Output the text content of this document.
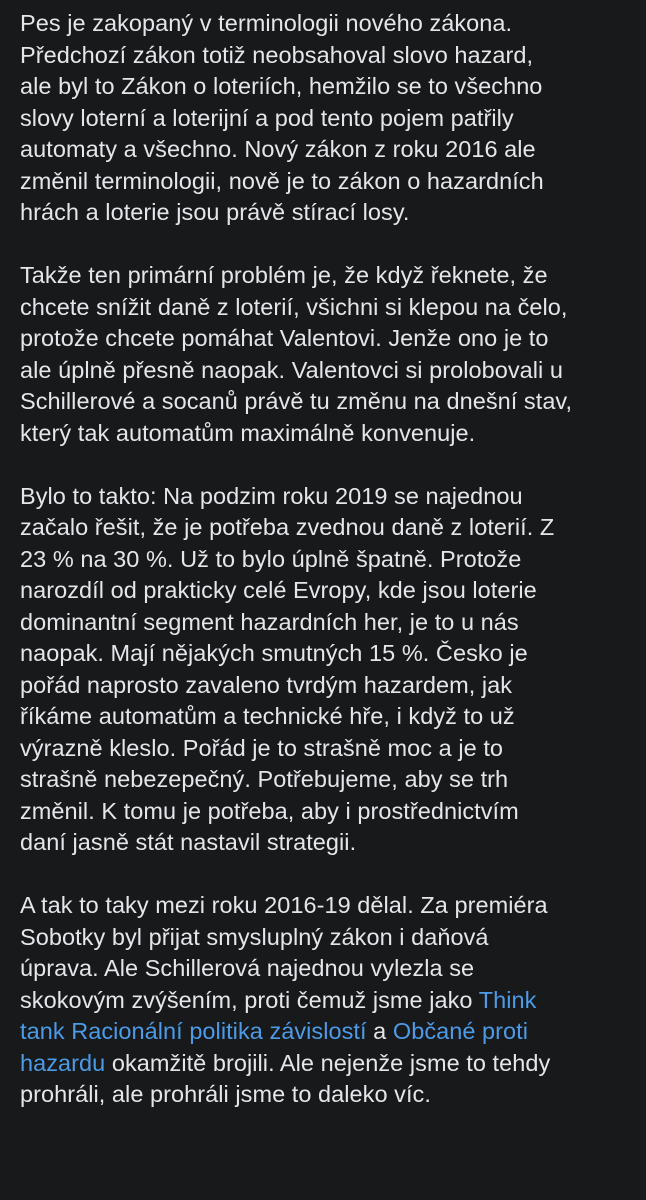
Pes je zakopaný v terminologii nového zákona.
Předchozí zákon totiž neobsahoval slovo hazard,
ale byl to Zákon o loteriích, hemžilo se to všechno
slovy loterní a loterijní a pod tento pojem patřily
automaty a všechno. Nový zákon z roku 2016 ale
změnil terminologii, nově je to zákon o hazardních
hrách a loterie jsou právě stírací losy.

Takže ten primární problém je, že když řeknete, že
chcete snížit daně z loterií, všichni si klepou na čelo,
protože chcete pomáhat Valentovi. Jenže ono je to
ale úplně přesně naopak. Valentovci si prolobovali u
Schillerové a socanů právě tu změnu na dnešní stav,
který tak automatům maximálně konvenuje.

Bylo to takto: Na podzim roku 2019 se najednou
začalo řešit, že je potřeba zvednou daně z loterií. Z
23 % na 30 %. Už to bylo úplně špatně. Protože
narozdíl od prakticky celé Evropy, kde jsou loterie
dominantní segment hazardních her, je to u nás
naopak. Mají nějakých smutných 15 %. Česko je
pořád naprosto zavaleno tvrdým hazardem, jak
říkáme automatům a technické hře, i když to už
výrazně kleslo. Pořád je to strašně moc a je to
strašně nebezepečný. Potřebujeme, aby se trh
změnil. K tomu je potřeba, aby i prostřednictvím
daní jasně stát nastavil strategii.

A tak to taky mezi roku 2016-19 dělal. Za premiéra
Sobotky byl přijat smysluplný zákon i daňová
úprava. Ale Schillerová najednou vylezla se
skokovým zvýšením, proti čemuž jsme jako Think
tank Racionální politika závislostí a Občané proti
hazardu okamžitě brojili. Ale nejenže jsme to tehdy
prohráli, ale prohráli jsme to daleko víc.
